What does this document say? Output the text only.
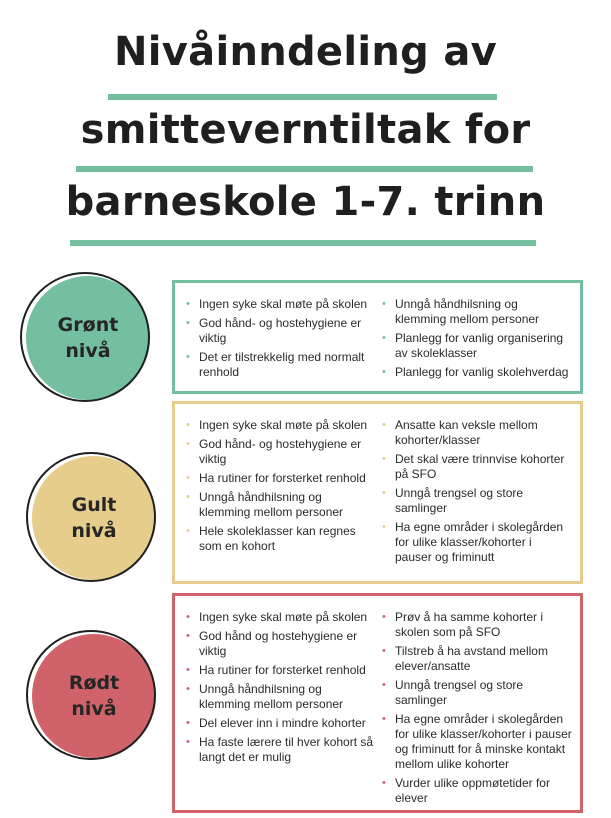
Nivåinndeling av
smitteverntiltak for
barneskole 1-7. trinn
Grønt
nivå
• Ingen syke skal møte på skolen
• God hånd- og hostehygiene er viktig
• Det er tilstrekkelig med normalt renhold
• Unngå håndhilsning og klemming mellom personer
• Planlegg for vanlig organisering av skoleklasser
• Planlegg for vanlig skolehverdag
Gult
nivå
• Ingen syke skal møte på skolen
• God hånd- og hostehygiene er viktig
• Ha rutiner for forsterket renhold
• Unngå håndhilsning og klemming mellom personer
• Hele skoleklasser kan regnes som en kohort
• Ansatte kan veksle mellom kohorter/klasser
• Det skal være trinnvise kohorter på SFO
• Unngå trengsel og store samlinger
• Ha egne områder i skolegården for ulike klasser/kohorter i pauser og friminutt
Rødt
nivå
• Ingen syke skal møte på skolen
• God hånd og hostehygiene er viktig
• Ha rutiner for forsterket renhold
• Unngå håndhilsning og klemming mellom personer
• Del elever inn i mindre kohorter
• Ha faste lærere til hver kohort så langt det er mulig
• Prøv å ha samme kohorter i skolen som på SFO
• Tilstreb å ha avstand mellom elever/ansatte
• Unngå trengsel og store samlinger
• Ha egne områder i skolegården for ulike klasser/kohorter i pauser og friminutt for å minske kontakt mellom ulike kohorter
• Vurder ulike oppmøtetider for elever
